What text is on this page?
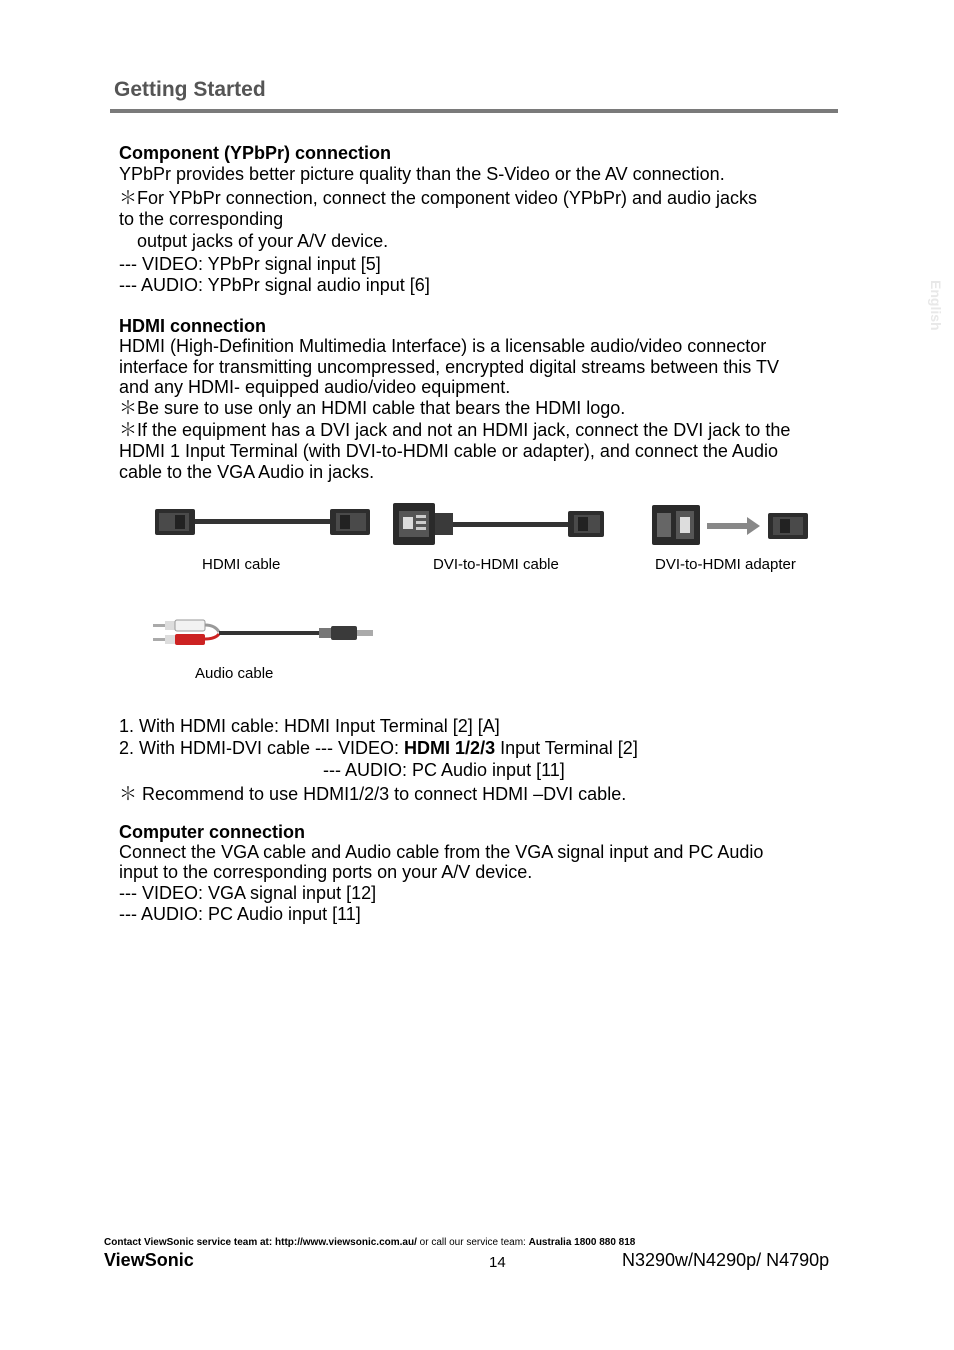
Getting Started
English
Component (YPbPr) connection
YPbPr provides better picture quality than the S-Video or the AV connection.
＊For YPbPr connection, connect the component video (YPbPr) and audio jacks
to the corresponding
output jacks of your A/V device.
--- VIDEO: YPbPr signal input [5]
--- AUDIO: YPbPr signal audio input [6]
HDMI connection
HDMI (High-Definition Multimedia Interface) is a licensable audio/video connector
interface for transmitting uncompressed, encrypted digital streams between this TV
and any HDMI- equipped audio/video equipment.
＊Be sure to use only an HDMI cable that bears the HDMI logo.
＊If the equipment has a DVI jack and not an HDMI jack, connect the DVI jack to the
HDMI 1 Input Terminal (with DVI-to-HDMI cable or adapter), and connect the Audio
cable to the VGA Audio in jacks.
HDMI cable	DVI-to-HDMI cable	DVI-to-HDMI adapter
Audio cable
1. With HDMI cable: HDMI Input Terminal [2] [A]
2. With HDMI-DVI cable --- VIDEO: HDMI 1/2/3 Input Terminal [2]
--- AUDIO: PC Audio input [11]
＊ Recommend to use HDMI1/2/3 to connect HDMI –DVI cable.
Computer connection
Connect the VGA cable and Audio cable from the VGA signal input and PC Audio
input to the corresponding ports on your A/V device.
--- VIDEO: VGA signal input [12]
--- AUDIO: PC Audio input [11]
Contact ViewSonic service team at: http://www.viewsonic.com.au/ or call our service team: Australia 1800 880 818
ViewSonic	14	N3290w/N4290p/ N4790p
